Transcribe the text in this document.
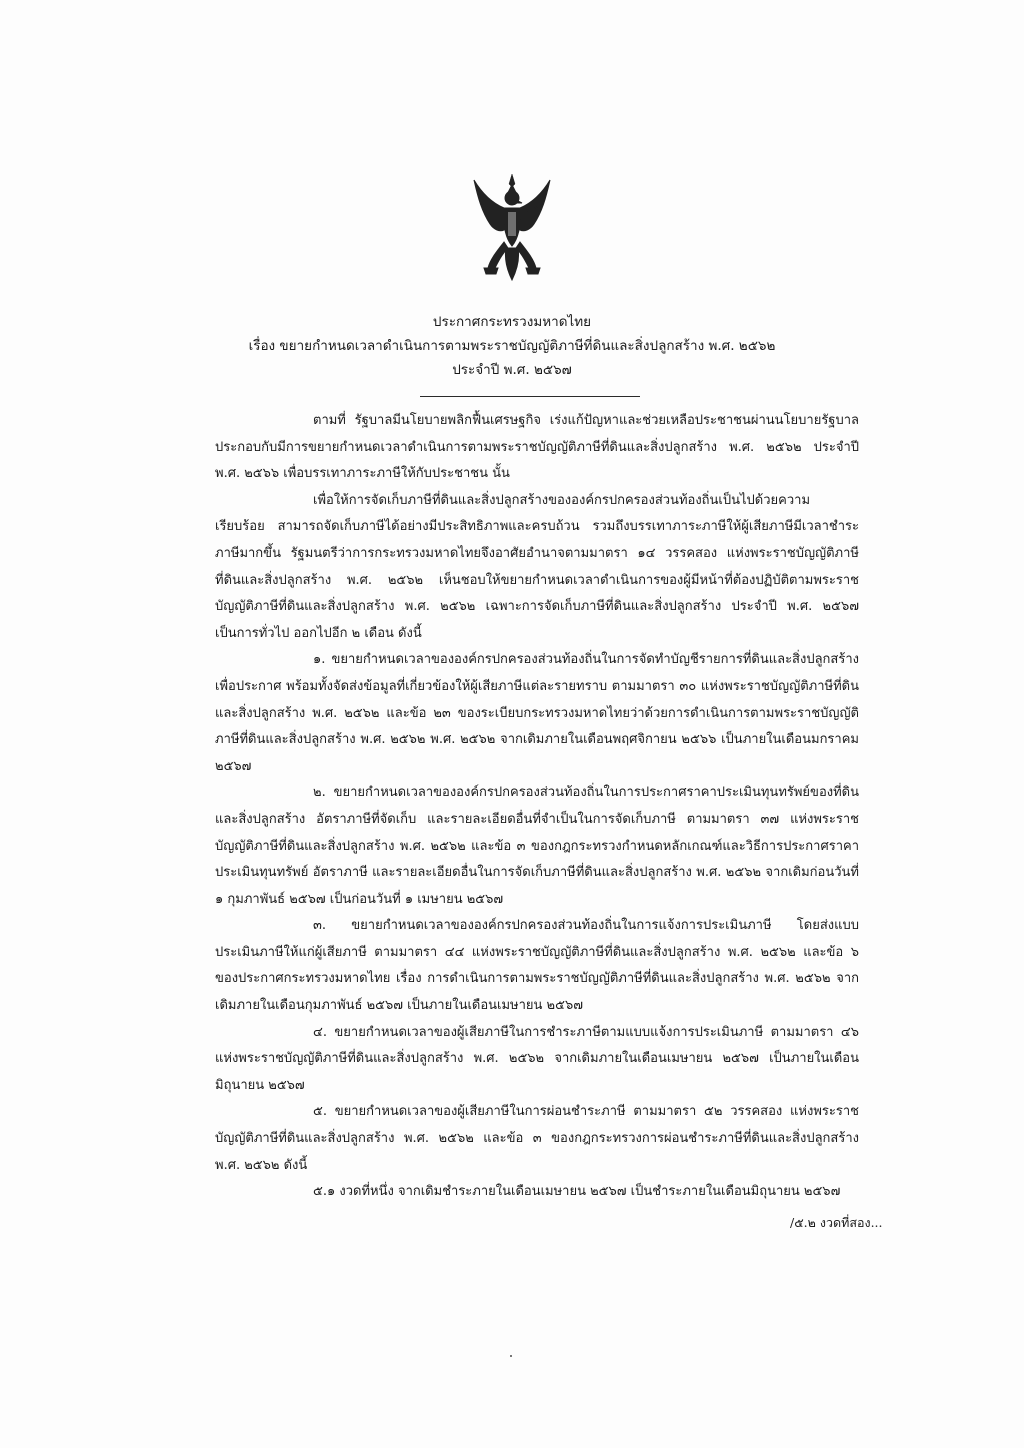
ประกาศกระทรวงมหาดไทย
เรื่อง ขยายกำหนดเวลาดำเนินการตามพระราชบัญญัติภาษีที่ดินและสิ่งปลูกสร้าง พ.ศ. ๒๕๖๒
ประจำปี พ.ศ. ๒๕๖๗

ตามที่ รัฐบาลมีนโยบายพลิกฟื้นเศรษฐกิจ เร่งแก้ปัญหาและช่วยเหลือประชาชนผ่านนโยบายรัฐบาล ประกอบกับมีการขยายกำหนดเวลาดำเนินการตามพระราชบัญญัติภาษีที่ดินและสิ่งปลูกสร้าง พ.ศ. ๒๕๖๒ ประจำปี พ.ศ. ๒๕๖๖ เพื่อบรรเทาภาระภาษีให้กับประชาชน นั้น

เพื่อให้การจัดเก็บภาษีที่ดินและสิ่งปลูกสร้างขององค์กรปกครองส่วนท้องถิ่นเป็นไปด้วยความเรียบร้อย สามารถจัดเก็บภาษีได้อย่างมีประสิทธิภาพและครบถ้วน รวมถึงบรรเทาภาระภาษีให้ผู้เสียภาษีมีเวลาชำระภาษีมากขึ้น รัฐมนตรีว่าการกระทรวงมหาดไทยจึงอาศัยอำนาจตามมาตรา ๑๔ วรรคสอง แห่งพระราชบัญญัติภาษีที่ดินและสิ่งปลูกสร้าง พ.ศ. ๒๕๖๒ เห็นชอบให้ขยายกำหนดเวลาดำเนินการของผู้มีหน้าที่ต้องปฏิบัติตามพระราชบัญญัติภาษีที่ดินและสิ่งปลูกสร้าง พ.ศ. ๒๕๖๒ เฉพาะการจัดเก็บภาษีที่ดินและสิ่งปลูกสร้าง ประจำปี พ.ศ. ๒๕๖๗ เป็นการทั่วไป ออกไปอีก ๒ เดือน ดังนี้

๑. ขยายกำหนดเวลาขององค์กรปกครองส่วนท้องถิ่นในการจัดทำบัญชีรายการที่ดินและสิ่งปลูกสร้างเพื่อประกาศ พร้อมทั้งจัดส่งข้อมูลที่เกี่ยวข้องให้ผู้เสียภาษีแต่ละรายทราบ ตามมาตรา ๓๐ แห่งพระราชบัญญัติภาษีที่ดินและสิ่งปลูกสร้าง พ.ศ. ๒๕๖๒ และข้อ ๒๓ ของระเบียบกระทรวงมหาดไทยว่าด้วยการดำเนินการตามพระราชบัญญัติภาษีที่ดินและสิ่งปลูกสร้าง พ.ศ. ๒๕๖๒ พ.ศ. ๒๕๖๒ จากเดิมภายในเดือนพฤศจิกายน ๒๕๖๖ เป็นภายในเดือนมกราคม ๒๕๖๗

๒. ขยายกำหนดเวลาขององค์กรปกครองส่วนท้องถิ่นในการประกาศราคาประเมินทุนทรัพย์ของที่ดินและสิ่งปลูกสร้าง อัตราภาษีที่จัดเก็บ และรายละเอียดอื่นที่จำเป็นในการจัดเก็บภาษี ตามมาตรา ๓๗ แห่งพระราชบัญญัติภาษีที่ดินและสิ่งปลูกสร้าง พ.ศ. ๒๕๖๒ และข้อ ๓ ของกฎกระทรวงกำหนดหลักเกณฑ์และวิธีการประกาศราคาประเมินทุนทรัพย์ อัตราภาษี และรายละเอียดอื่นในการจัดเก็บภาษีที่ดินและสิ่งปลูกสร้าง พ.ศ. ๒๕๖๒ จากเดิมก่อนวันที่ ๑ กุมภาพันธ์ ๒๕๖๗ เป็นก่อนวันที่ ๑ เมษายน ๒๕๖๗

๓. ขยายกำหนดเวลาขององค์กรปกครองส่วนท้องถิ่นในการแจ้งการประเมินภาษี โดยส่งแบบประเมินภาษีให้แก่ผู้เสียภาษี ตามมาตรา ๔๔ แห่งพระราชบัญญัติภาษีที่ดินและสิ่งปลูกสร้าง พ.ศ. ๒๕๖๒ และข้อ ๖ ของประกาศกระทรวงมหาดไทย เรื่อง การดำเนินการตามพระราชบัญญัติภาษีที่ดินและสิ่งปลูกสร้าง พ.ศ. ๒๕๖๒ จากเดิมภายในเดือนกุมภาพันธ์ ๒๕๖๗ เป็นภายในเดือนเมษายน ๒๕๖๗

๔. ขยายกำหนดเวลาของผู้เสียภาษีในการชำระภาษีตามแบบแจ้งการประเมินภาษี ตามมาตรา ๔๖ แห่งพระราชบัญญัติภาษีที่ดินและสิ่งปลูกสร้าง พ.ศ. ๒๕๖๒ จากเดิมภายในเดือนเมษายน ๒๕๖๗ เป็นภายในเดือนมิถุนายน ๒๕๖๗

๕. ขยายกำหนดเวลาของผู้เสียภาษีในการผ่อนชำระภาษี ตามมาตรา ๕๒ วรรคสอง แห่งพระราชบัญญัติภาษีที่ดินและสิ่งปลูกสร้าง พ.ศ. ๒๕๖๒ และข้อ ๓ ของกฎกระทรวงการผ่อนชำระภาษีที่ดินและสิ่งปลูกสร้าง พ.ศ. ๒๕๖๒ ดังนี้

๕.๑ งวดที่หนึ่ง จากเดิมชำระภายในเดือนเมษายน ๒๕๖๗ เป็นชำระภายในเดือนมิถุนายน ๒๕๖๗

/๕.๒ งวดที่สอง...
